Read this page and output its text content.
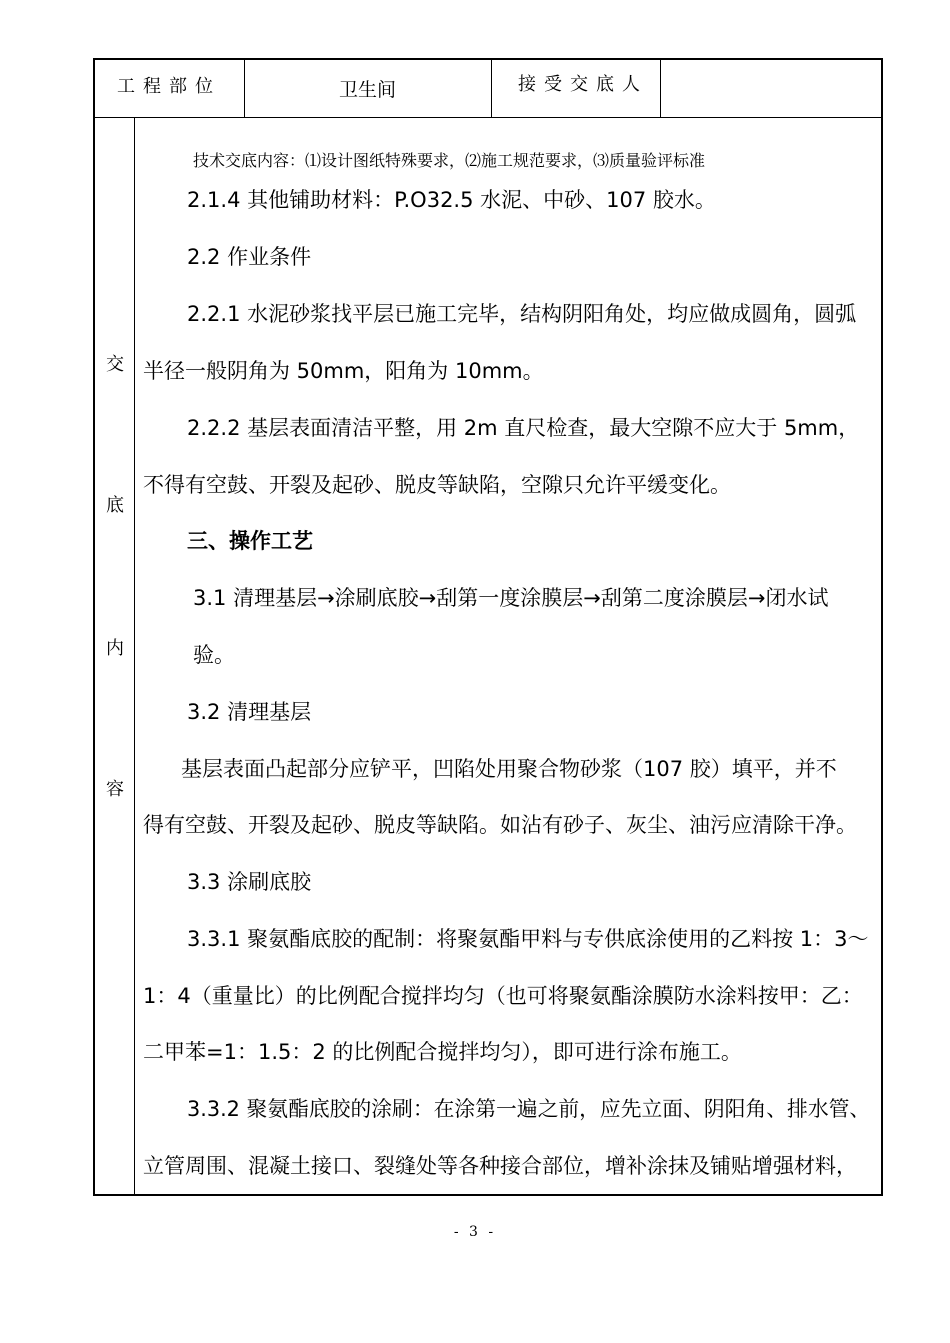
工程部位	卫生间	接受交底人
交
底
内
容
技术交底内容：⑴设计图纸特殊要求，⑵施工规范要求，⑶质量验评标准
2.1.4 其他铺助材料：P.O32.5 水泥、中砂、107 胶水。
2.2 作业条件
2.2.1 水泥砂浆找平层已施工完毕，结构阴阳角处，均应做成圆角，圆弧
半径一般阴角为 50mm，阳角为 10mm。
2.2.2 基层表面清洁平整，用 2m 直尺检查，最大空隙不应大于 5mm，
不得有空鼓、开裂及起砂、脱皮等缺陷，空隙只允许平缓变化。
三、操作工艺
3.1 清理基层→涂刷底胶→刮第一度涂膜层→刮第二度涂膜层→闭水试
验。
3.2 清理基层
基层表面凸起部分应铲平，凹陷处用聚合物砂浆（107 胶）填平，并不
得有空鼓、开裂及起砂、脱皮等缺陷。如沾有砂子、灰尘、油污应清除干净。
3.3 涂刷底胶
3.3.1 聚氨酯底胶的配制：将聚氨酯甲料与专供底涂使用的乙料按 1：3～
1：4（重量比）的比例配合搅拌均匀（也可将聚氨酯涂膜防水涂料按甲：乙：
二甲苯=1：1.5：2 的比例配合搅拌均匀），即可进行涂布施工。
3.3.2 聚氨酯底胶的涂刷：在涂第一遍之前，应先立面、阴阳角、排水管、
立管周围、混凝土接口、裂缝处等各种接合部位，增补涂抹及铺贴增强材料，
- 3 -
